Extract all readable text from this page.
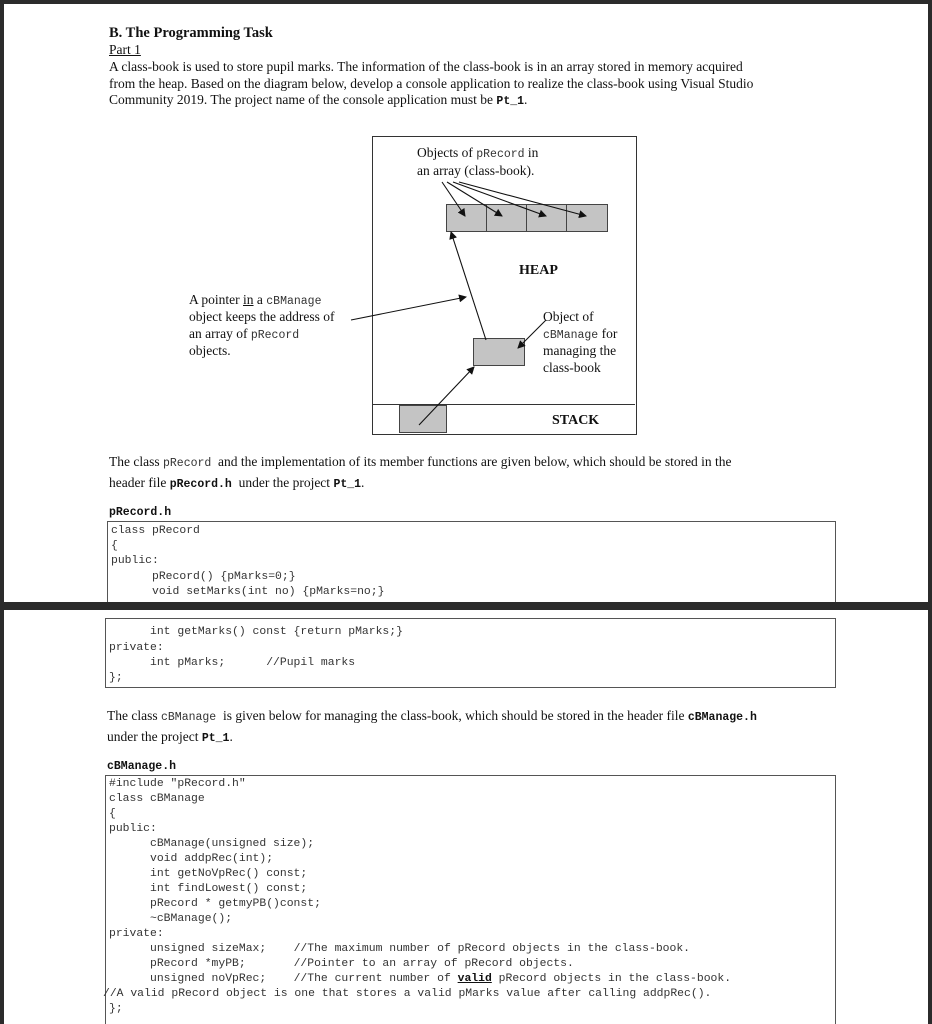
B. The Programming Task
Part 1
A class-book is used to store pupil marks. The information of the class-book is in an array stored in memory acquired
from the heap. Based on the diagram below, develop a console application to realize the class-book using Visual Studio
Community 2019. The project name of the console application must be Pt_1.
Objects of pRecord in
an array (class-book).
HEAP
STACK
A pointer in a cBManage
object keeps the address of
an array of pRecord
objects.
Object of
cBManage for
managing the
class-book
The class pRecord  and the implementation of its member functions are given below, which should be stored in the
header file pRecord.h  under the project Pt_1.
pRecord.h
class pRecord
{
public:
pRecord() {pMarks=0;}
void setMarks(int no) {pMarks=no;}
int getMarks() const {return pMarks;}
private:
int pMarks;      //Pupil marks
};
The class cBManage  is given below for managing the class-book, which should be stored in the header file cBManage.h
under the project Pt_1.
cBManage.h
#include "pRecord.h"
class cBManage
{
public:
cBManage(unsigned size);
void addpRec(int);
int getNoVpRec() const;
int findLowest() const;
pRecord * getmyPB()const;
~cBManage();
private:
unsigned sizeMax;    //The maximum number of pRecord objects in the class-book.
pRecord *myPB;       //Pointer to an array of pRecord objects.
unsigned noVpRec;    //The current number of valid pRecord objects in the class-book.
//A valid pRecord object is one that stores a valid pMarks value after calling addpRec().
};
